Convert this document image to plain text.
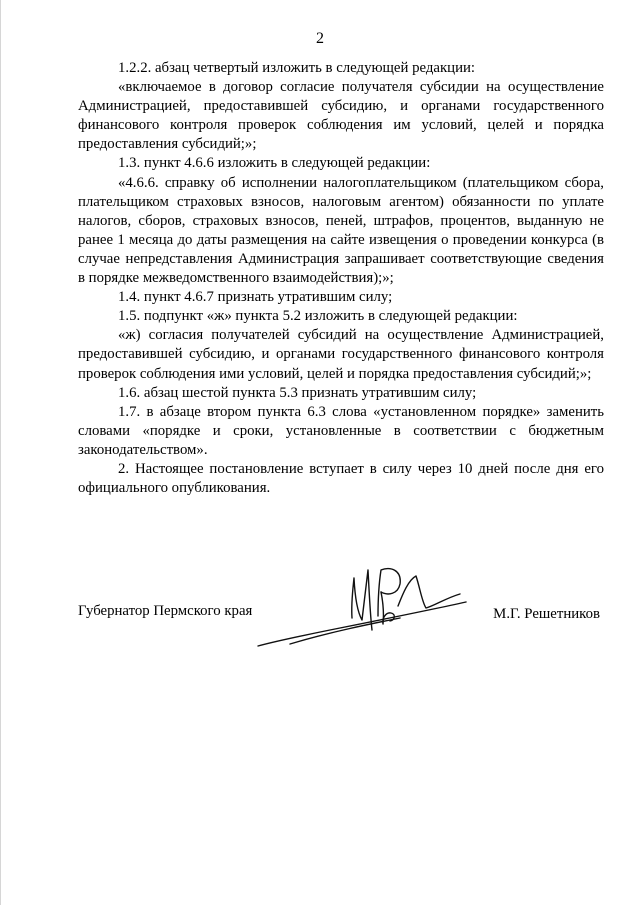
2

1.2.2. абзац четвертый изложить в следующей редакции:

«включаемое в договор согласие получателя субсидии на осуществление Администрацией, предоставившей субсидию, и органами государственного финансового контроля проверок соблюдения им условий, целей и порядка предоставления субсидий;»;

1.3. пункт 4.6.6 изложить в следующей редакции:

«4.6.6. справку об исполнении налогоплательщиком (плательщиком сбора, плательщиком страховых взносов, налоговым агентом) обязанности по уплате налогов, сборов, страховых взносов, пеней, штрафов, процентов, выданную не ранее 1 месяца до даты размещения на сайте извещения о проведении конкурса (в случае непредставления Администрация запрашивает соответствующие сведения в порядке межведомственного взаимодействия);»;

1.4. пункт 4.6.7 признать утратившим силу;

1.5. подпункт «ж» пункта 5.2 изложить в следующей редакции:

«ж) согласия получателей субсидий на осуществление Администрацией, предоставившей субсидию, и органами государственного финансового контроля проверок соблюдения ими условий, целей и порядка предоставления субсидий;»;

1.6. абзац шестой пункта 5.3 признать утратившим силу;

1.7. в абзаце втором пункта 6.3 слова «установленном порядке» заменить словами «порядке и сроки, установленные в соответствии с бюджетным законодательством».

2. Настоящее постановление вступает в силу через 10 дней после дня его официального опубликования.

Губернатор Пермского края	М.Г. Решетников
